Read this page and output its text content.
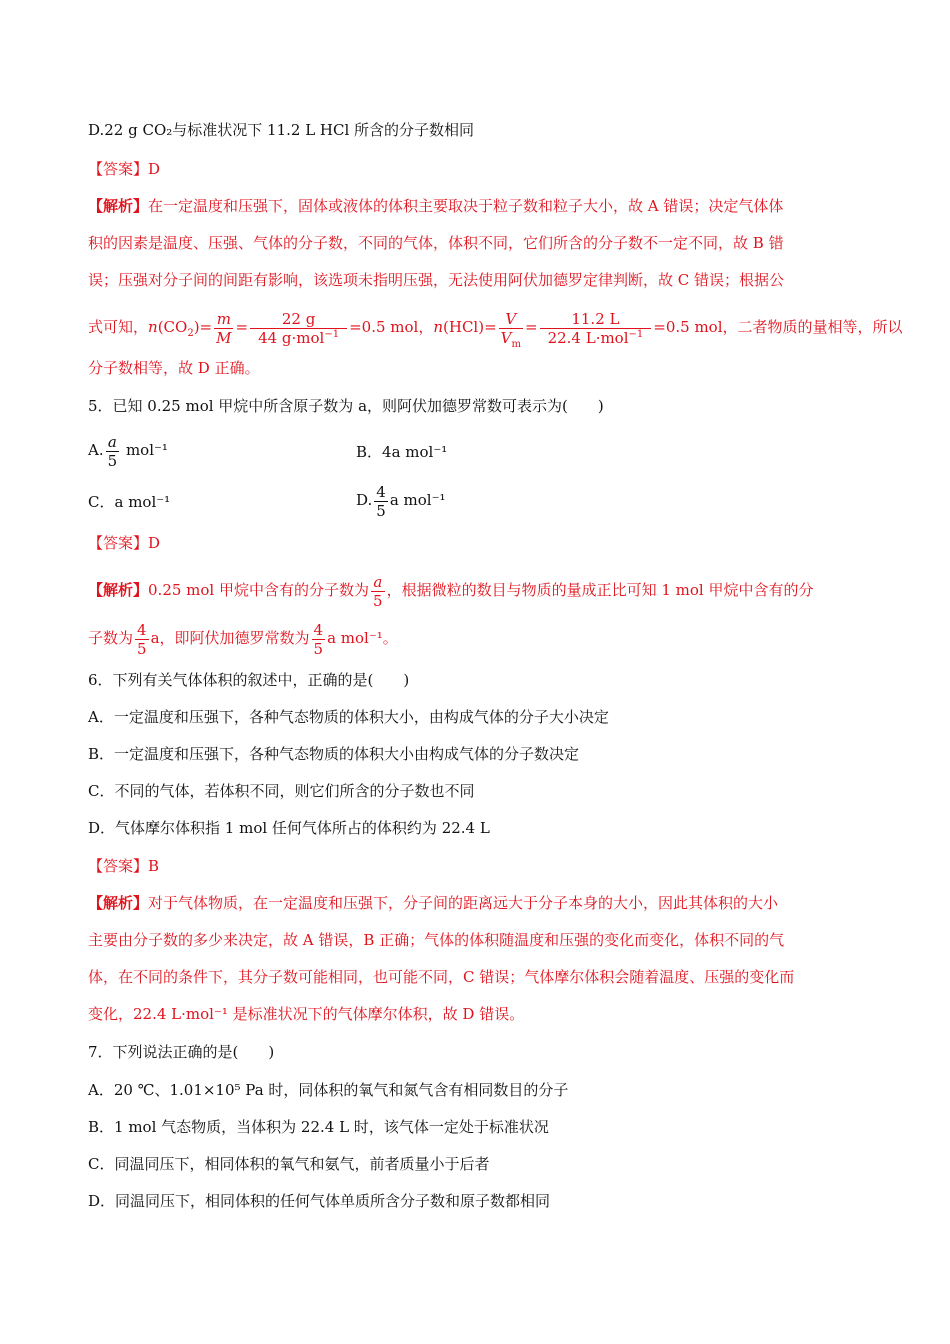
D.22 g CO₂与标准状况下 11.2 L HCl 所含的分子数相同
【答案】D
【解析】在一定温度和压强下，固体或液体的体积主要取决于粒子数和粒子大小，故 A 错误；决定气体体
积的因素是温度、压强、气体的分子数，不同的气体，体积不同，它们所含的分子数不一定不同，故 B 错
误；压强对分子间的间距有影响，该选项未指明压强，无法使用阿伏加德罗定律判断，故 C 错误；根据公
式可知，$n(CO_2)= \frac{m}{M} = \frac{22 g}{44 g\cdot mol^{-1}} =0.5$ mol，$n(HCl)= \frac{V}{V_m} = \frac{11.2 L}{22.4 L\cdot mol^{-1}} =0.5$ mol，二者物质的量相等，所以
分子数相等，故 D 正确。
5．已知 0.25 mol 甲烷中所含原子数为 a，则阿伏加德罗常数可表示为(　　)
A. $\frac{a}{5} mol^{-1}$	B．4a mol⁻¹
C．a mol⁻¹	D. $\frac{4}{5}$ a mol⁻¹
【答案】D
【解析】0.25 mol 甲烷中含有的分子数为 $\frac{a}{5}$ ，根据微粒的数目与物质的量成正比可知 1 mol 甲烷中含有的分
子数为 $\frac{4}{5}$ a，即阿伏加德罗常数为 $\frac{4}{5}$ a mol⁻¹。
6．下列有关气体体积的叙述中，正确的是(　　)
A．一定温度和压强下，各种气态物质的体积大小，由构成气体的分子大小决定
B．一定温度和压强下，各种气态物质的体积大小由构成气体的分子数决定
C．不同的气体，若体积不同，则它们所含的分子数也不同
D．气体摩尔体积指 1 mol 任何气体所占的体积约为 22.4 L
【答案】B
【解析】对于气体物质，在一定温度和压强下，分子间的距离远大于分子本身的大小，因此其体积的大小
主要由分子数的多少来决定，故 A 错误，B 正确；气体的体积随温度和压强的变化而变化，体积不同的气
体，在不同的条件下，其分子数可能相同，也可能不同，C 错误；气体摩尔体积会随着温度、压强的变化而
变化，22.4 L·mol⁻¹ 是标准状况下的气体摩尔体积，故 D 错误。
7．下列说法正确的是(　　)
A．20 ℃、1.01×10⁵ Pa 时，同体积的氧气和氮气含有相同数目的分子
B．1 mol 气态物质，当体积为 22.4 L 时，该气体一定处于标准状况
C．同温同压下，相同体积的氧气和氨气，前者质量小于后者
D．同温同压下，相同体积的任何气体单质所含分子数和原子数都相同
